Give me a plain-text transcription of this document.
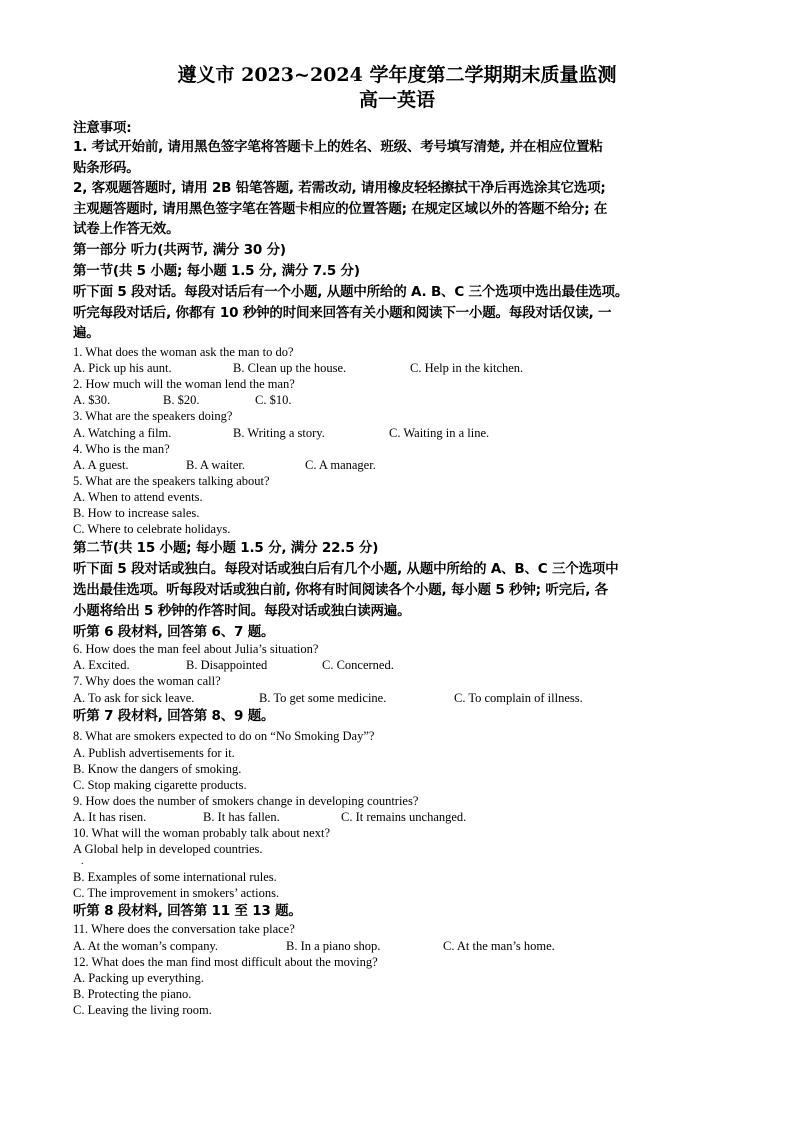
遵义市 2023~2024 学年度第二学期期末质量监测
高一英语
注意事项:
1. 考试开始前, 请用黑色签字笔将答题卡上的姓名、班级、考号填写清楚, 并在相应位置粘
贴条形码。
2, 客观题答题时, 请用 2B 铅笔答题, 若需改动, 请用橡皮轻轻擦拭干净后再选涂其它选项;
主观题答题时, 请用黑色签字笔在答题卡相应的位置答题; 在规定区域以外的答题不给分; 在
试卷上作答无效。
第一部分 听力(共两节, 满分 30 分)
第一节(共 5 小题; 每小题 1.5 分, 满分 7.5 分)
听下面 5 段对话。每段对话后有一个小题, 从题中所给的 A. B、C 三个选项中选出最佳选项。
听完每段对话后, 你都有 10 秒钟的时间来回答有关小题和阅读下一小题。每段对话仅读, 一
遍。
1. What does the woman ask the man to do?
A. Pick up his aunt.	B. Clean up the house.	C. Help in the kitchen.
2. How much will the woman lend the man?
A. $30.	B. $20.	C. $10.
3. What are the speakers doing?
A. Watching a film.	B. Writing a story.	C. Waiting in a line.
4. Who is the man?
A. A guest.	B. A waiter.	C. A manager.
5. What are the speakers talking about?
A. When to attend events.
B. How to increase sales.
C. Where to celebrate holidays.
第二节(共 15 小题; 每小题 1.5 分, 满分 22.5 分)
听下面 5 段对话或独白。每段对话或独白后有几个小题, 从题中所给的 A、B、C 三个选项中
选出最佳选项。听每段对话或独白前, 你将有时间阅读各个小题, 每小题 5 秒钟; 听完后, 各
小题将给出 5 秒钟的作答时间。每段对话或独白读两遍。
听第 6 段材料, 回答第 6、7 题。
6. How does the man feel about Julia’s situation?
A. Excited.	B. Disappointed	C. Concerned.
7. Why does the woman call?
A. To ask for sick leave.	B. To get some medicine.	C. To complain of illness.
听第 7 段材料, 回答第 8、9 题。
8. What are smokers expected to do on “No Smoking Day”?
A. Publish advertisements for it.
B. Know the dangers of smoking.
C. Stop making cigarette products.
9. How does the number of smokers change in developing countries?
A. It has risen.	B. It has fallen.	C. It remains unchanged.
10. What will the woman probably talk about next?
A Global help in developed countries.
.
B. Examples of some international rules.
C. The improvement in smokers’ actions.
听第 8 段材料, 回答第 11 至 13 题。
11. Where does the conversation take place?
A. At the woman’s company.	B. In a piano shop.	C. At the man’s home.
12. What does the man find most difficult about the moving?
A. Packing up everything.
B. Protecting the piano.
C. Leaving the living room.
